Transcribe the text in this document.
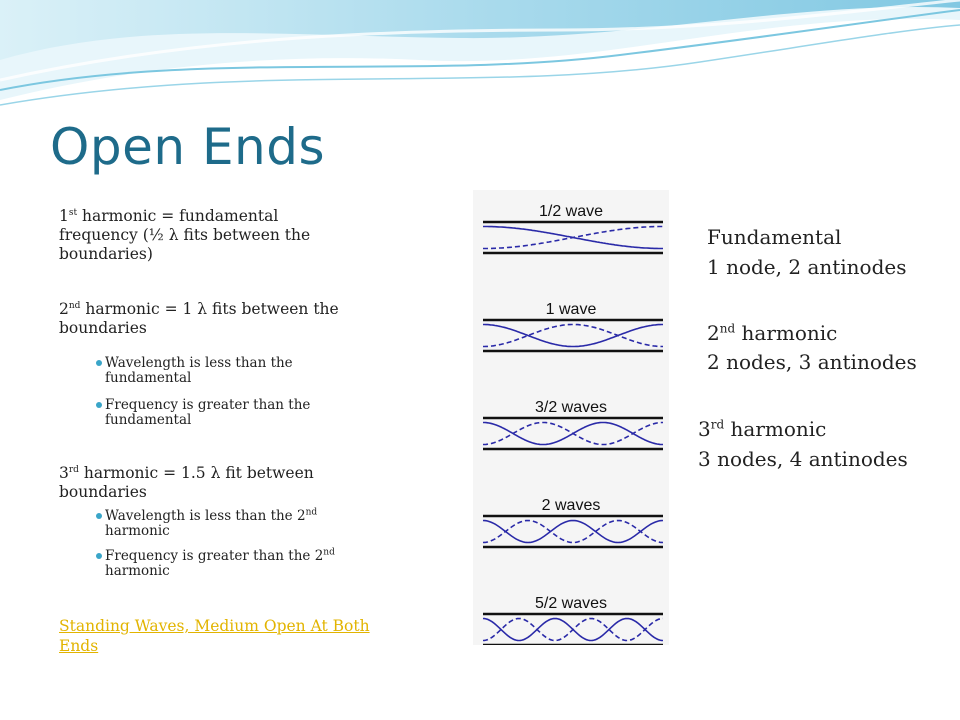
Open Ends
1st harmonic = fundamental frequency (½ λ fits between the boundaries)
2nd harmonic = 1 λ fits between the boundaries
Wavelength is less than the fundamental
Frequency is greater than the fundamental
3rd harmonic = 1.5 λ fit between boundaries
Wavelength is less than the 2nd harmonic
Frequency is greater than the 2nd harmonic
Standing Waves, Medium Open At Both Ends
1/2 wave
1 wave
3/2 waves
2 waves
5/2 waves
Fundamental
1 node, 2 antinodes
2nd harmonic
2 nodes, 3 antinodes
3rd harmonic
3 nodes, 4 antinodes
